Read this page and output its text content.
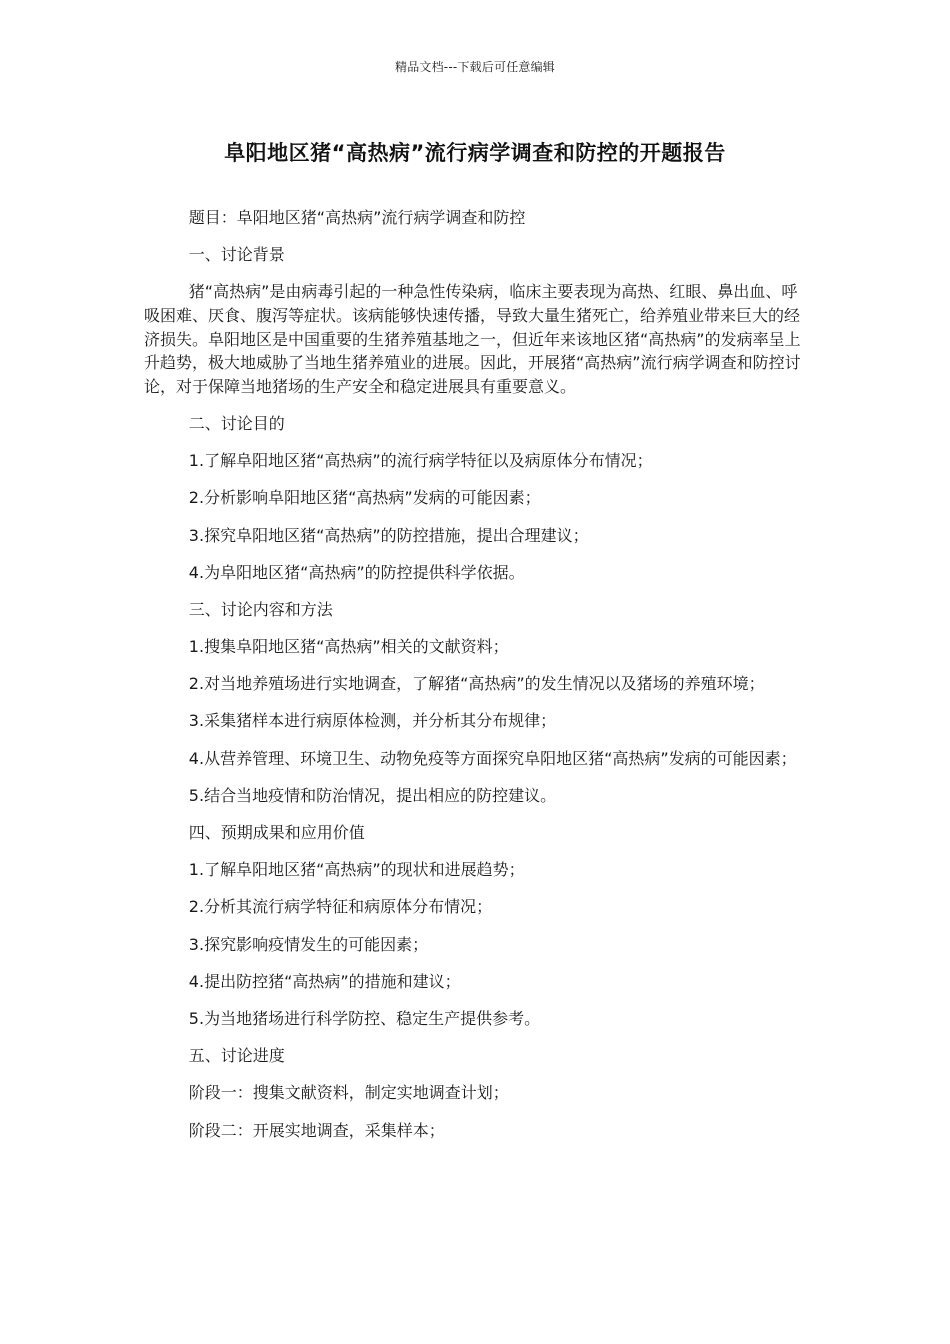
精品文档---下载后可任意编辑
阜阳地区猪“高热病”流行病学调查和防控的开题报告

题目：阜阳地区猪“高热病”流行病学调查和防控

一、讨论背景

猪“高热病”是由病毒引起的一种急性传染病，临床主要表现为高热、红眼、鼻出血、呼吸困难、厌食、腹泻等症状。该病能够快速传播，导致大量生猪死亡，给养殖业带来巨大的经济损失。阜阳地区是中国重要的生猪养殖基地之一，但近年来该地区猪“高热病”的发病率呈上升趋势，极大地威胁了当地生猪养殖业的进展。因此，开展猪“高热病”流行病学调查和防控讨论，对于保障当地猪场的生产安全和稳定进展具有重要意义。

二、讨论目的

1.了解阜阳地区猪“高热病”的流行病学特征以及病原体分布情况；

2.分析影响阜阳地区猪“高热病”发病的可能因素；

3.探究阜阳地区猪“高热病”的防控措施，提出合理建议；

4.为阜阳地区猪“高热病”的防控提供科学依据。

三、讨论内容和方法

1.搜集阜阳地区猪“高热病”相关的文献资料；

2.对当地养殖场进行实地调查，了解猪“高热病”的发生情况以及猪场的养殖环境；

3.采集猪样本进行病原体检测，并分析其分布规律；

4.从营养管理、环境卫生、动物免疫等方面探究阜阳地区猪“高热病”发病的可能因素；

5.结合当地疫情和防治情况，提出相应的防控建议。

四、预期成果和应用价值

1.了解阜阳地区猪“高热病”的现状和进展趋势；

2.分析其流行病学特征和病原体分布情况；

3.探究影响疫情发生的可能因素；

4.提出防控猪“高热病”的措施和建议；

5.为当地猪场进行科学防控、稳定生产提供参考。

五、讨论进度

阶段一：搜集文献资料，制定实地调查计划；

阶段二：开展实地调查，采集样本；
